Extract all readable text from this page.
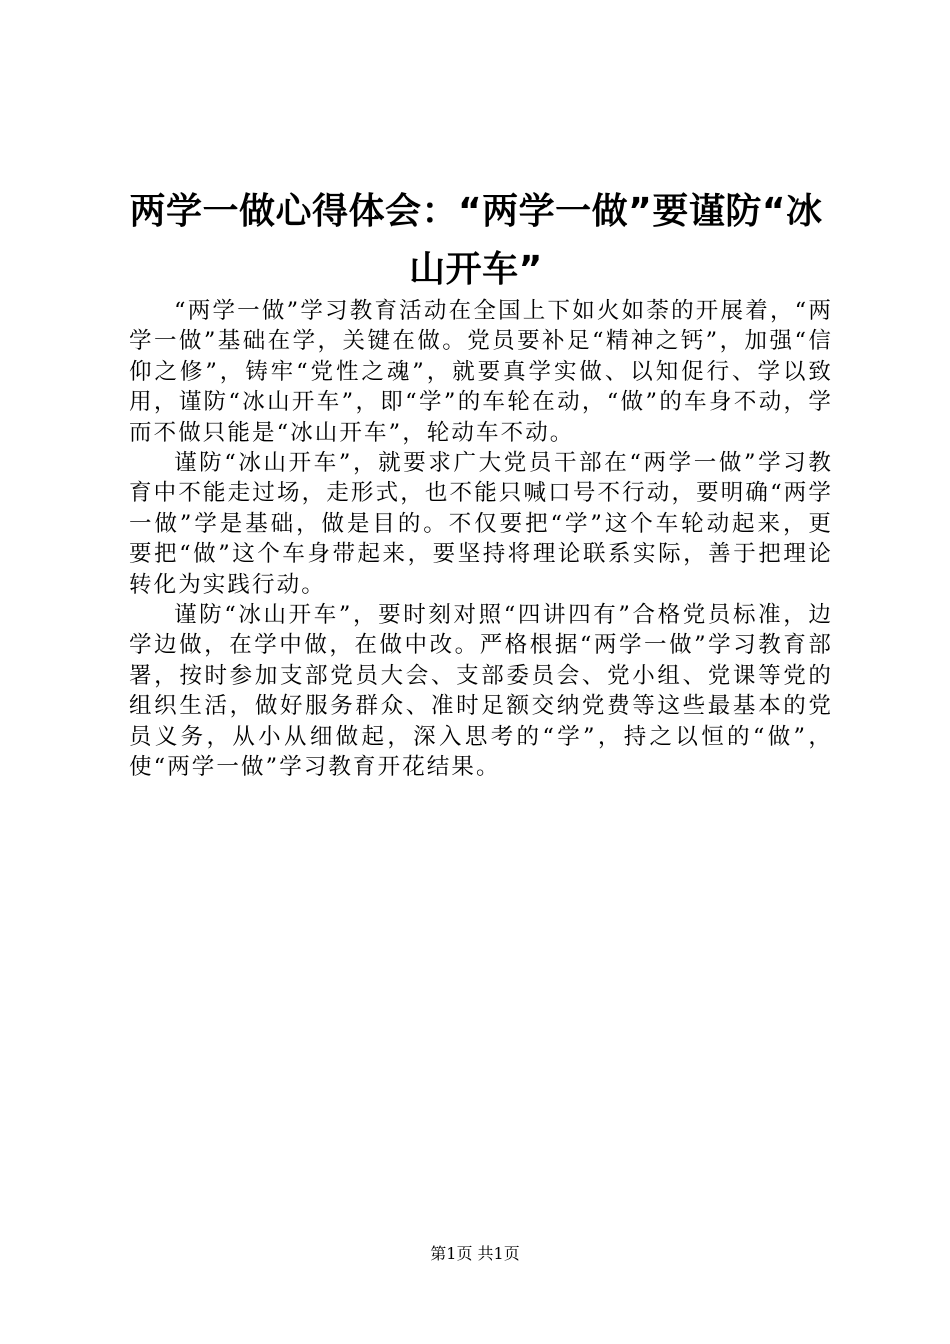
两学一做心得体会：“两学一做”要谨防“冰山开车”

“两学一做”学习教育活动在全国上下如火如荼的开展着，“两学一做”基础在学，关键在做。党员要补足“精神之钙”，加强“信仰之修”，铸牢“党性之魂”，就要真学实做、以知促行、学以致用，谨防“冰山开车”，即“学”的车轮在动，“做”的车身不动，学而不做只能是“冰山开车”，轮动车不动。

谨防“冰山开车”，就要求广大党员干部在“两学一做”学习教育中不能走过场，走形式，也不能只喊口号不行动，要明确“两学一做”学是基础，做是目的。不仅要把“学”这个车轮动起来，更要把“做”这个车身带起来，要坚持将理论联系实际，善于把理论转化为实践行动。

谨防“冰山开车”，要时刻对照“四讲四有”合格党员标准，边学边做，在学中做，在做中改。严格根据“两学一做”学习教育部署，按时参加支部党员大会、支部委员会、党小组、党课等党的组织生活，做好服务群众、准时足额交纳党费等这些最基本的党员义务，从小从细做起，深入思考的“学”，持之以恒的“做”，使“两学一做”学习教育开花结果。

第1页 共1页
